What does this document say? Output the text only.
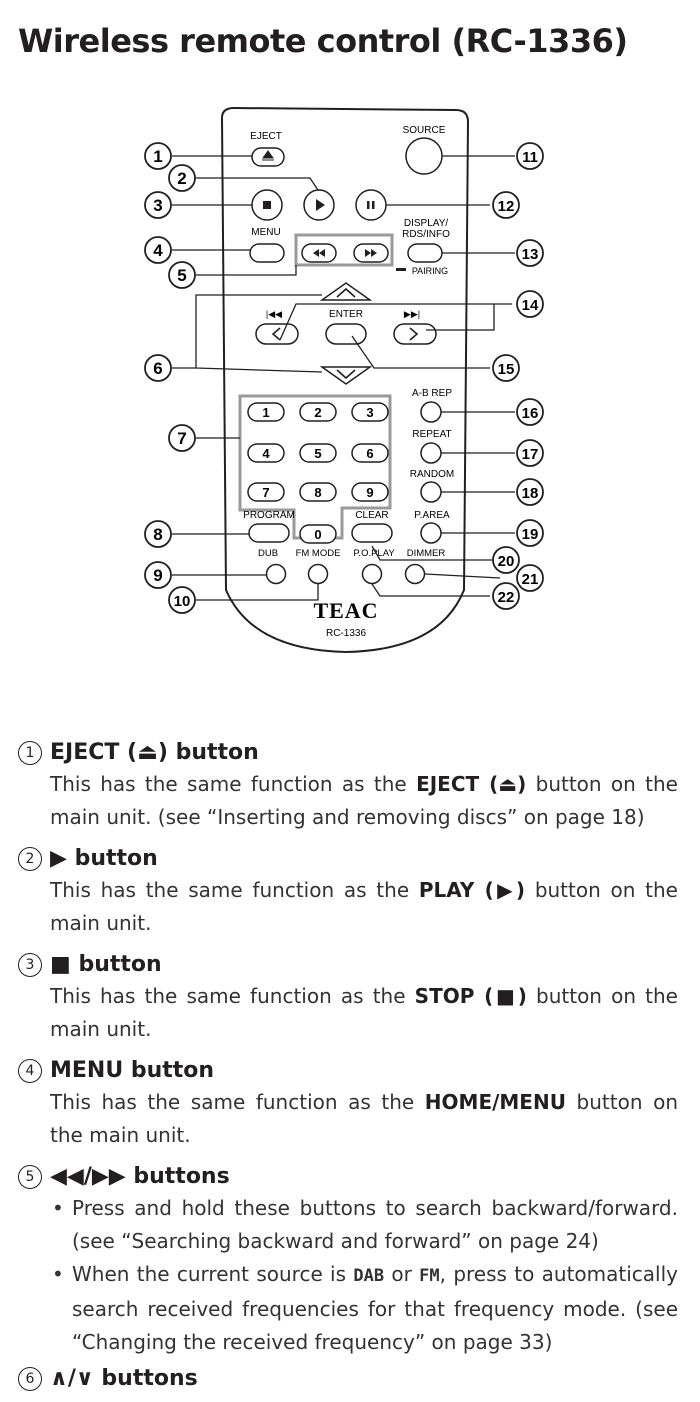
Wireless remote control (RC-1336)
EJECT
SOURCE
MENU
DISPLAY/
RDS/INFO
PAIRING
|◀◀	▶▶|
ENTER
1	2	3
4	5	6
7	8	9
0
A-B REP
REPEAT
RANDOM
P.AREA
PROGRAM	CLEAR
DUB FM MODE P.O.PLAY DIMMER
TEAC
RC-1336
1
2
3
4
5
6
7
8
9
10
11
12
13
14
15
16
17
18
19
20
21
22
1 EJECT (⏏) button
This has the same function as the EJECT (⏏) button on the main unit. (see “Inserting and removing discs” on page 18)
2 ▶ button
This has the same function as the PLAY (▶) button on the main unit.
3 ■ button
This has the same function as the STOP (■) button on the main unit.
4 MENU button
This has the same function as the HOME/MENU button on the main unit.
5 ◀◀/▶▶ buttons
• Press and hold these buttons to search backward/forward. (see “Searching backward and forward” on page 24)
• When the current source is DAB or FM, press to automatically search received frequencies for that frequency mode. (see “Changing the received frequency” on page 33)
6 ∧/∨ buttons
